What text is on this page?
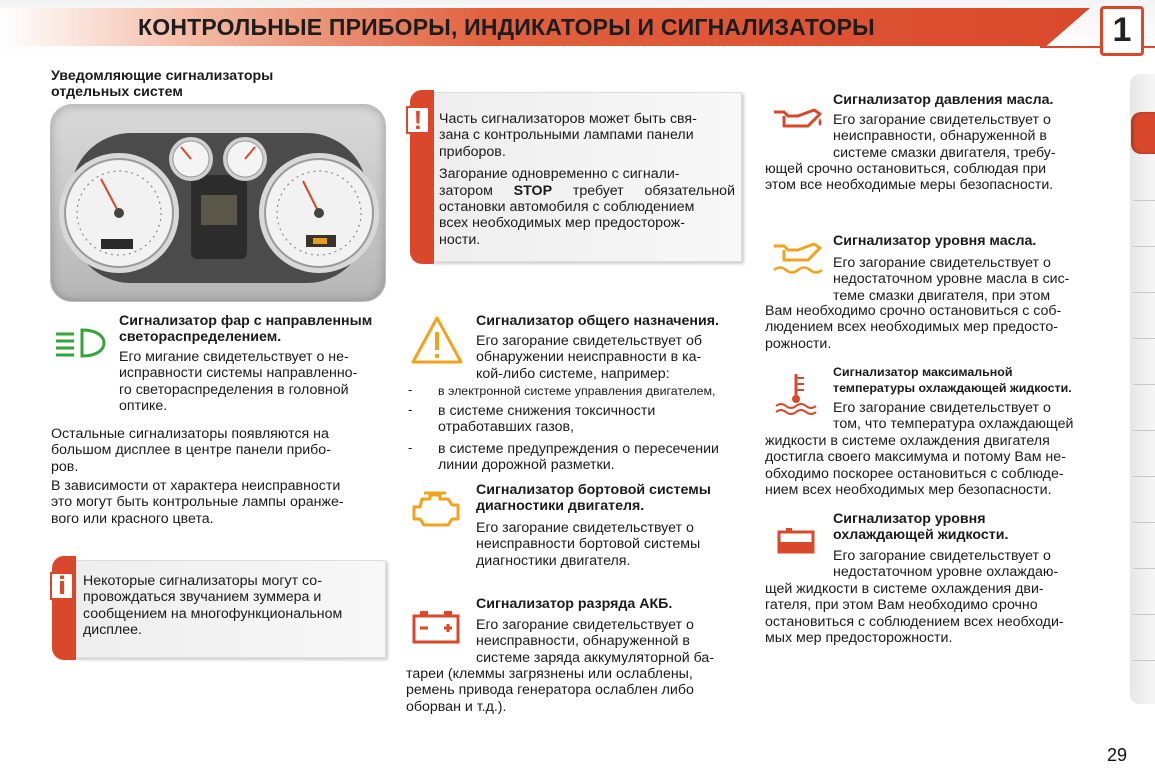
КОНТРОЛЬНЫЕ ПРИБОРЫ, ИНДИКАТОРЫ И СИГНАЛИЗАТОРЫ	1
Уведомляющие сигнализаторы
отдельных систем
Сигнализатор фар с направленным
светораспределением.
Его мигание свидетельствует о не-
исправности системы направленно-
го светораспределения в головной
оптике.
Остальные сигнализаторы появляются на
большом дисплее в центре панели прибо-
ров.
В зависимости от характера неисправности
это могут быть контрольные лампы оранже-
вого или красного цвета.
i	Некоторые сигнализаторы могут со-
провождаться звучанием зуммера и
сообщением на многофункциональном
дисплее.
!	Часть сигнализаторов может быть свя-
зана с контрольными лампами панели
приборов.
Загорание одновременно с сигнали-
затором STOP требует обязательной
остановки автомобиля с соблюдением
всех необходимых мер предосторож-
ности.
Сигнализатор общего назначения.
Его загорание свидетельствует об
обнаружении неисправности в ка-
кой-либо системе, например:
- в электронной системе управления двигателем,
- в системе снижения токсичности
отработавших газов,
- в системе предупреждения о пересечении
линии дорожной разметки.
Сигнализатор бортовой системы
диагностики двигателя.
Его загорание свидетельствует о
неисправности бортовой системы
диагностики двигателя.
Сигнализатор разряда АКБ.
Его загорание свидетельствует о
неисправности, обнаруженной в
системе заряда аккумуляторной ба-
тареи (клеммы загрязнены или ослаблены,
ремень привода генератора ослаблен либо
оборван и т.д.).
Сигнализатор давления масла.
Его загорание свидетельствует о
неисправности, обнаруженной в
системе смазки двигателя, требу-
ющей срочно остановиться, соблюдая при
этом все необходимые меры безопасности.
Сигнализатор уровня масла.
Его загорание свидетельствует о
недостаточном уровне масла в сис-
теме смазки двигателя, при этом
Вам необходимо срочно остановиться с соб-
людением всех необходимых мер предосто-
рожности.
Сигнализатор максимальной
температуры охлаждающей жидкости.
Его загорание свидетельствует о
том, что температура охлаждающей
жидкости в системе охлаждения двигателя
достигла своего максимума и потому Вам не-
обходимо поскорее остановиться с соблюде-
нием всех необходимых мер безопасности.
Сигнализатор уровня
охлаждающей жидкости.
Его загорание свидетельствует о
недостаточном уровне охлаждаю-
щей жидкости в системе охлаждения дви-
гателя, при этом Вам необходимо срочно
остановиться с соблюдением всех необходи-
мых мер предосторожности.
29
